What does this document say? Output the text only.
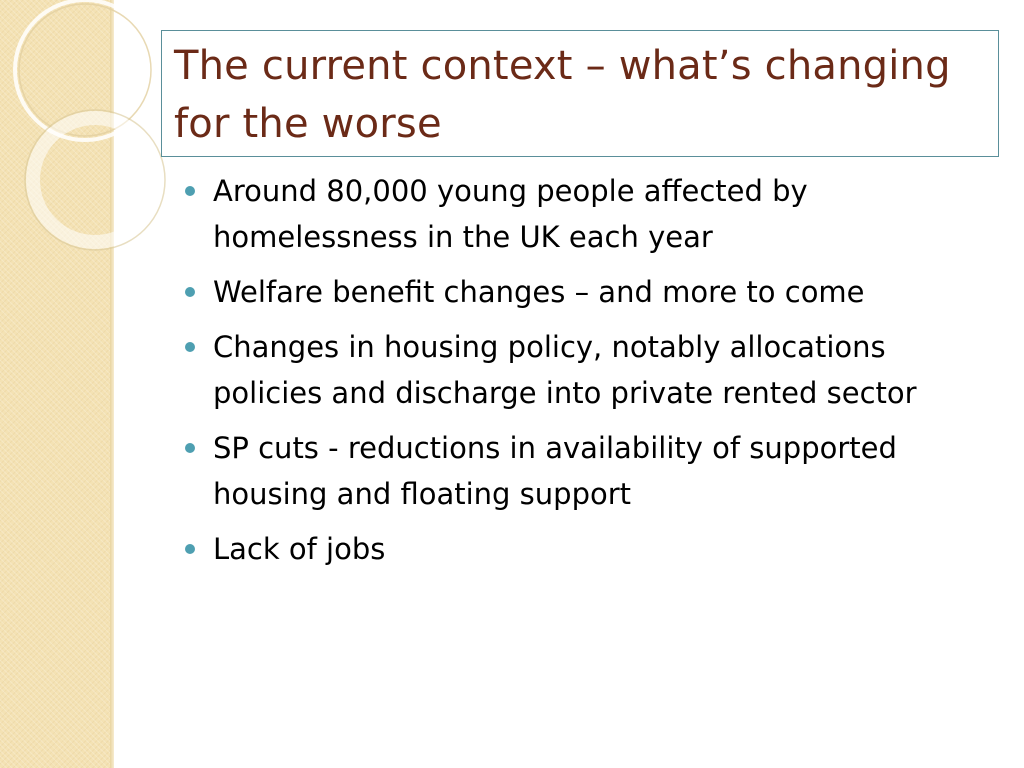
The current context – what’s changing for the worse
Around 80,000 young people affected by homelessness in the UK each year
Welfare benefit changes – and more to come
Changes in housing policy, notably allocations policies and discharge into private rented sector
SP cuts - reductions in availability of supported housing and floating support
Lack of jobs
